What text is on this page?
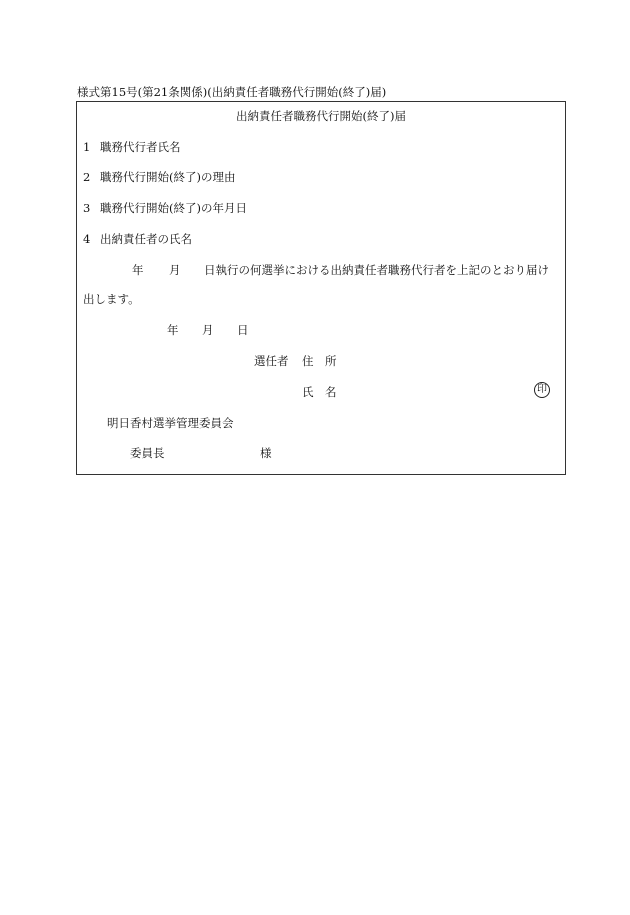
様式第15号(第21条関係)(出納責任者職務代行開始(終了)届)
出納責任者職務代行開始(終了)届
1 職務代行者氏名
2 職務代行開始(終了)の理由
3 職務代行開始(終了)の年月日
4 出納責任者の氏名
年 月 日執行の何選挙における出納責任者職務代行者を上記のとおり届け
出します。
年 月 日
選任者 住　所
氏　名	印
明日香村選挙管理委員会
委員長	様
